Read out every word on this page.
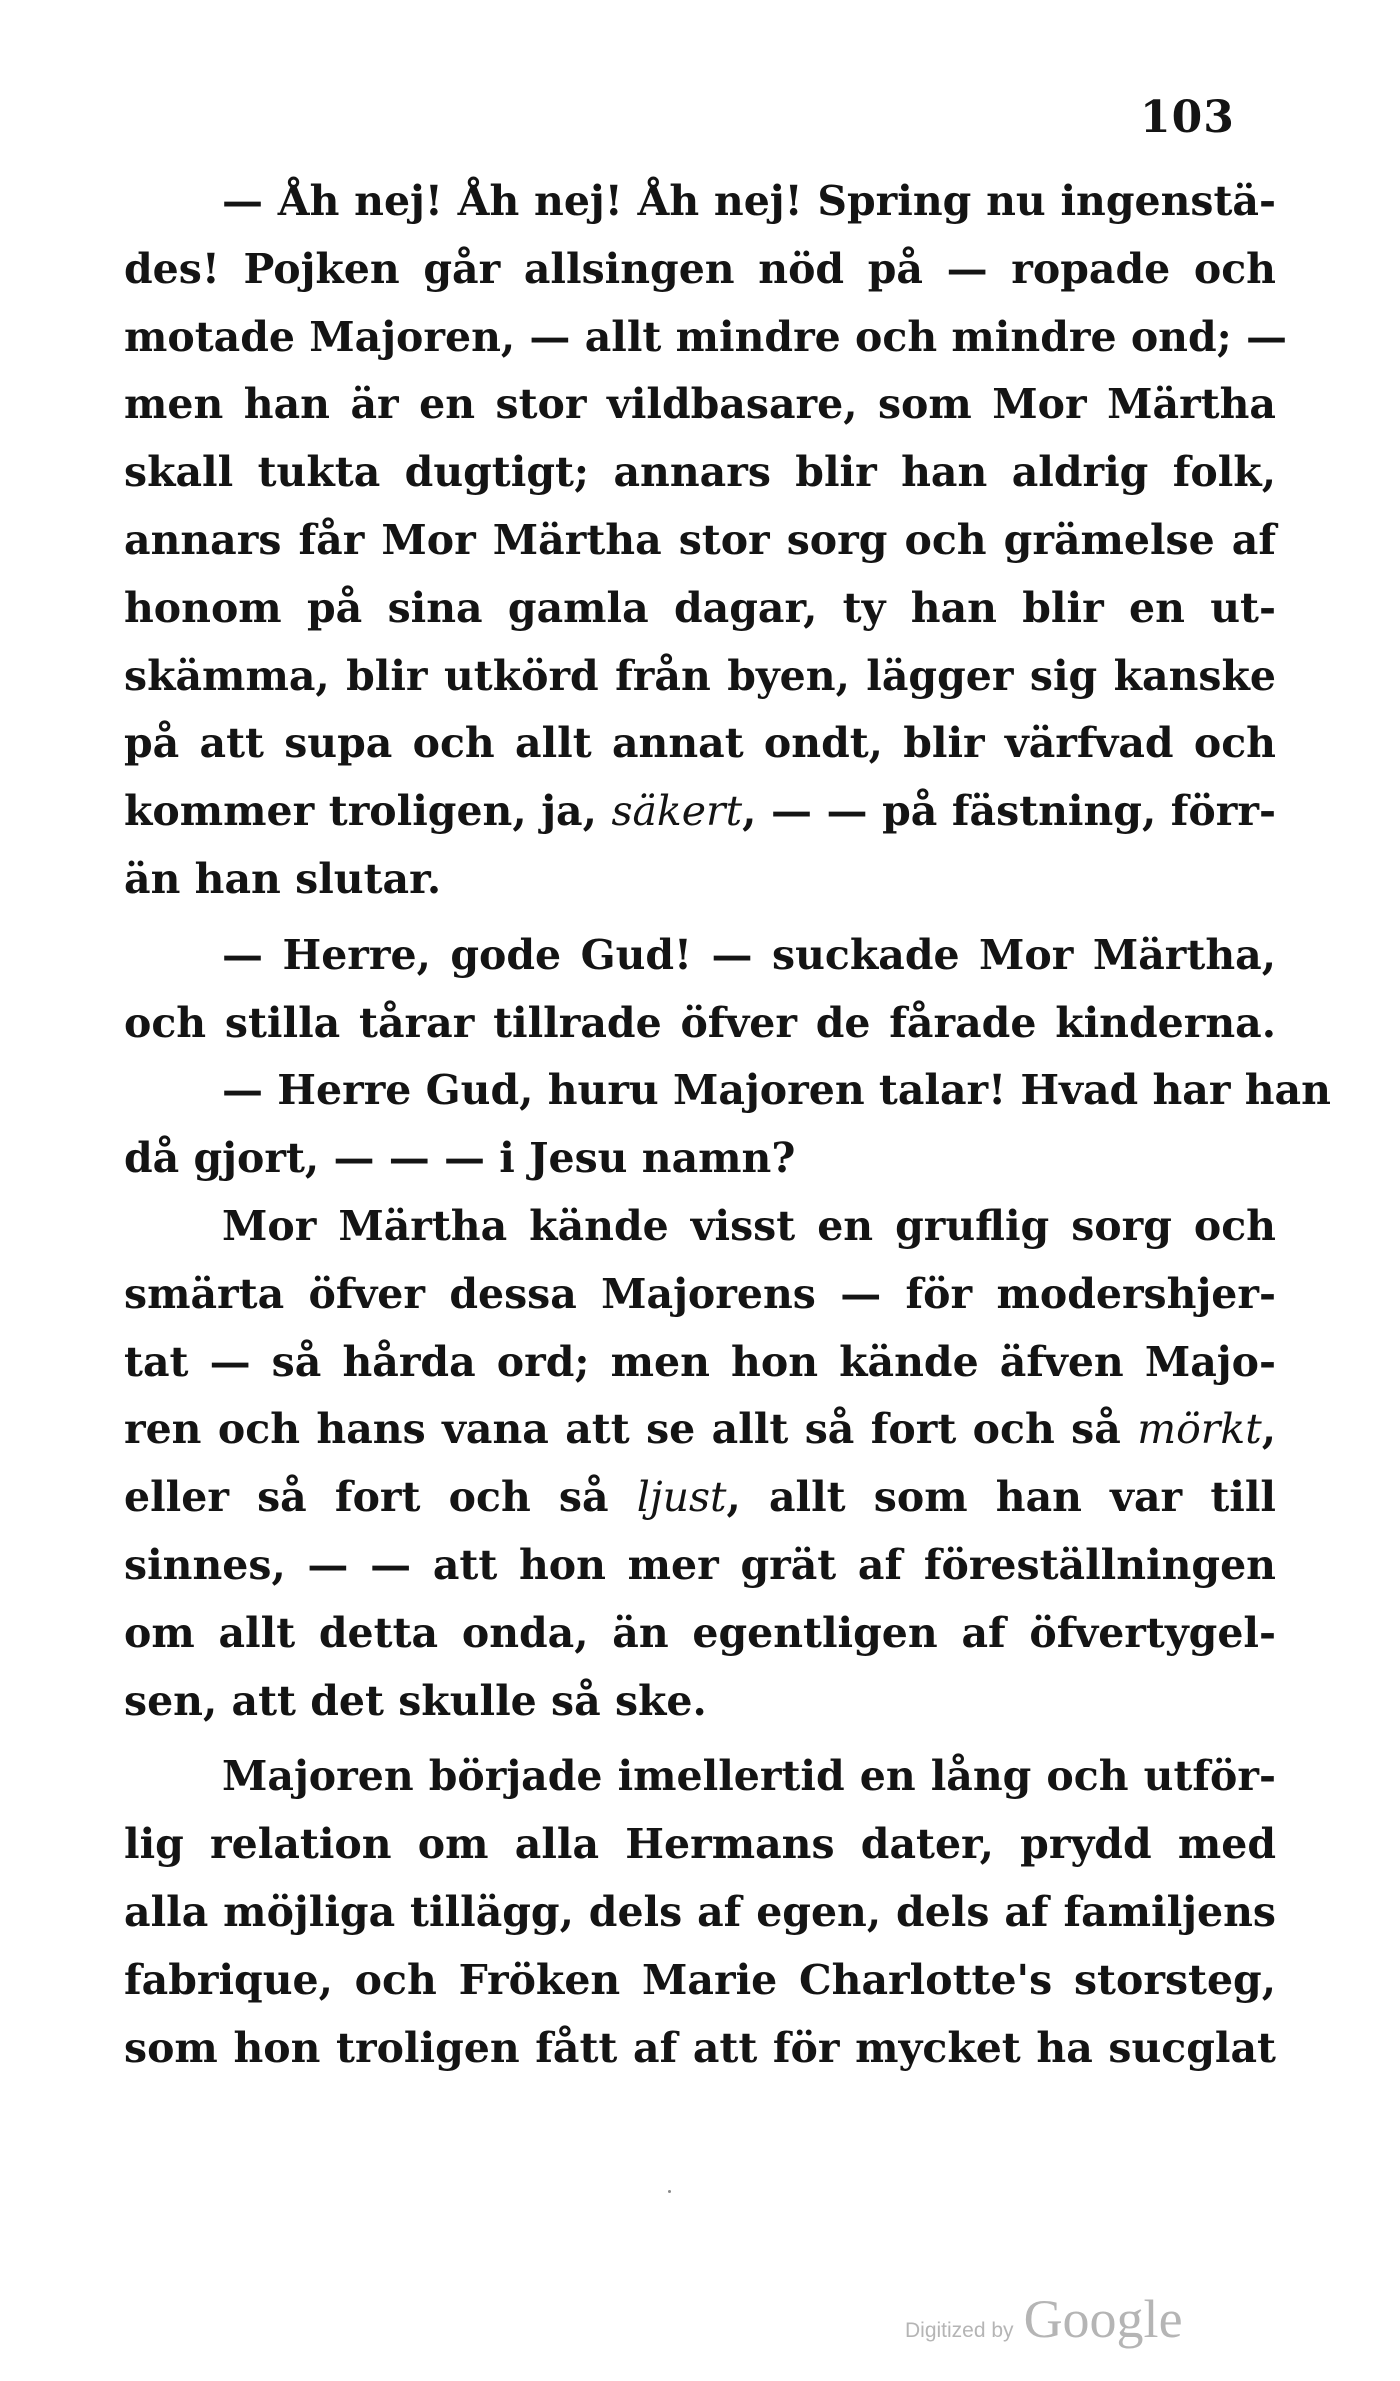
103
— Åh nej! Åh nej! Åh nej! Spring nu ingenstä-
des! Pojken går allsingen nöd på — ropade och
motade Majoren, — allt mindre och mindre ond; —
men han är en stor vildbasare, som Mor Märtha
skall tukta dugtigt; annars blir han aldrig folk,
annars får Mor Märtha stor sorg och grämelse af
honom på sina gamla dagar, ty han blir en ut-
skämma, blir utkörd från byen, lägger sig kanske
på att supa och allt annat ondt, blir värfvad och
kommer troligen, ja, säkert, — — på fästning, förr-
än han slutar.
— Herre, gode Gud! — suckade Mor Märtha,
och stilla tårar tillrade öfver de fårade kinderna.
— Herre Gud, huru Majoren talar! Hvad har han
då gjort, — — — i Jesu namn?
Mor Märtha kände visst en gruflig sorg och
smärta öfver dessa Majorens — för modershjer-
tat — så hårda ord; men hon kände äfven Majo-
ren och hans vana att se allt så fort och så mörkt,
eller så fort och så ljust, allt som han var till
sinnes, — — att hon mer grät af föreställningen
om allt detta onda, än egentligen af öfvertygel-
sen, att det skulle så ske.
Majoren började imellertid en lång och utför-
lig relation om alla Hermans dater, prydd med
alla möjliga tillägg, dels af egen, dels af familjens
fabrique, och Fröken Marie Charlotte's storsteg,
som hon troligen fått af att för mycket ha sucglat
Digitized by Google
